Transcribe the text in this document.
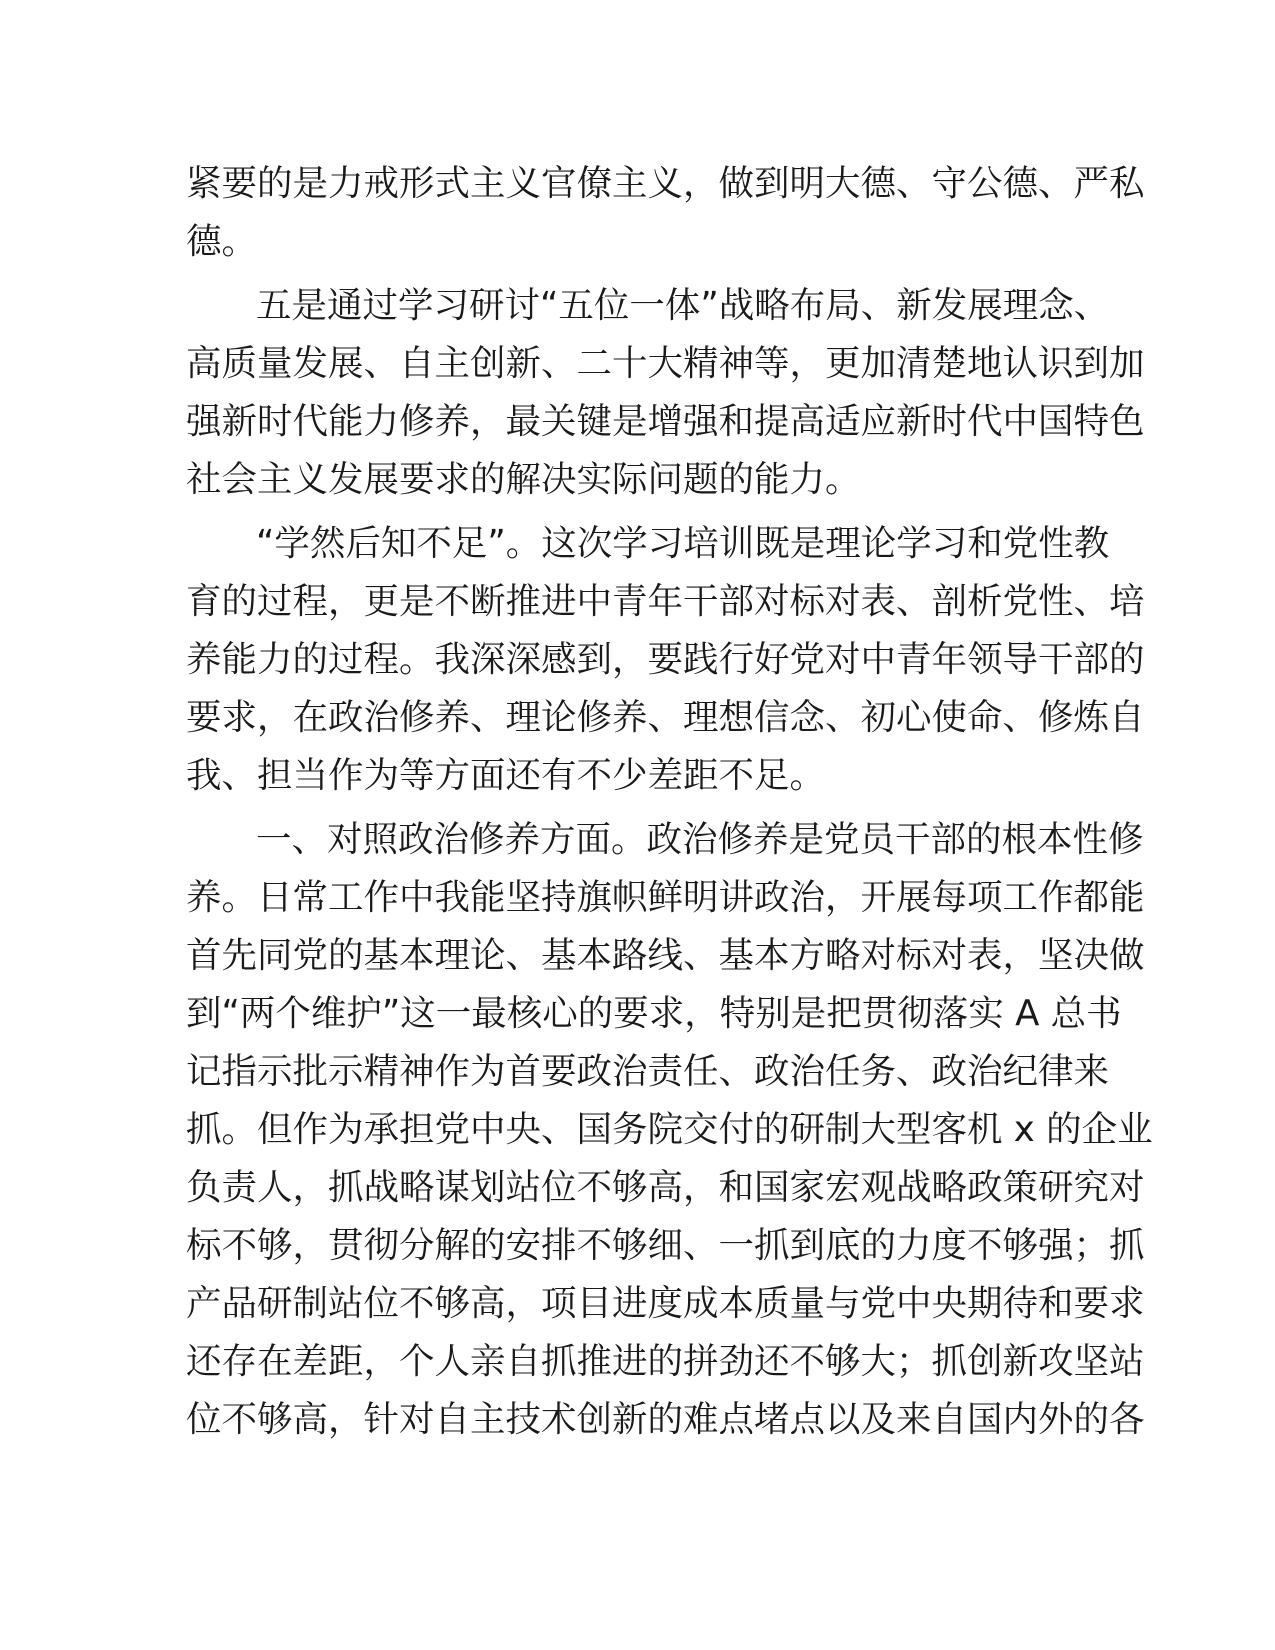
紧要的是力戒形式主义官僚主义，做到明大德、守公德、严私
德。
五是通过学习研讨“五位一体”战略布局、新发展理念、
高质量发展、自主创新、二十大精神等，更加清楚地认识到加
强新时代能力修养，最关键是增强和提高适应新时代中国特色
社会主义发展要求的解决实际问题的能力。
“学然后知不足”。这次学习培训既是理论学习和党性教
育的过程，更是不断推进中青年干部对标对表、剖析党性、培
养能力的过程。我深深感到，要践行好党对中青年领导干部的
要求，在政治修养、理论修养、理想信念、初心使命、修炼自
我、担当作为等方面还有不少差距不足。
一、对照政治修养方面。政治修养是党员干部的根本性修
养。日常工作中我能坚持旗帜鲜明讲政治，开展每项工作都能
首先同党的基本理论、基本路线、基本方略对标对表，坚决做
到“两个维护”这一最核心的要求，特别是把贯彻落实 A 总书
记指示批示精神作为首要政治责任、政治任务、政治纪律来
抓。但作为承担党中央、国务院交付的研制大型客机 x 的企业
负责人，抓战略谋划站位不够高，和国家宏观战略政策研究对
标不够，贯彻分解的安排不够细、一抓到底的力度不够强；抓
产品研制站位不够高，项目进度成本质量与党中央期待和要求
还存在差距，个人亲自抓推进的拼劲还不够大；抓创新攻坚站
位不够高，针对自主技术创新的难点堵点以及来自国内外的各
